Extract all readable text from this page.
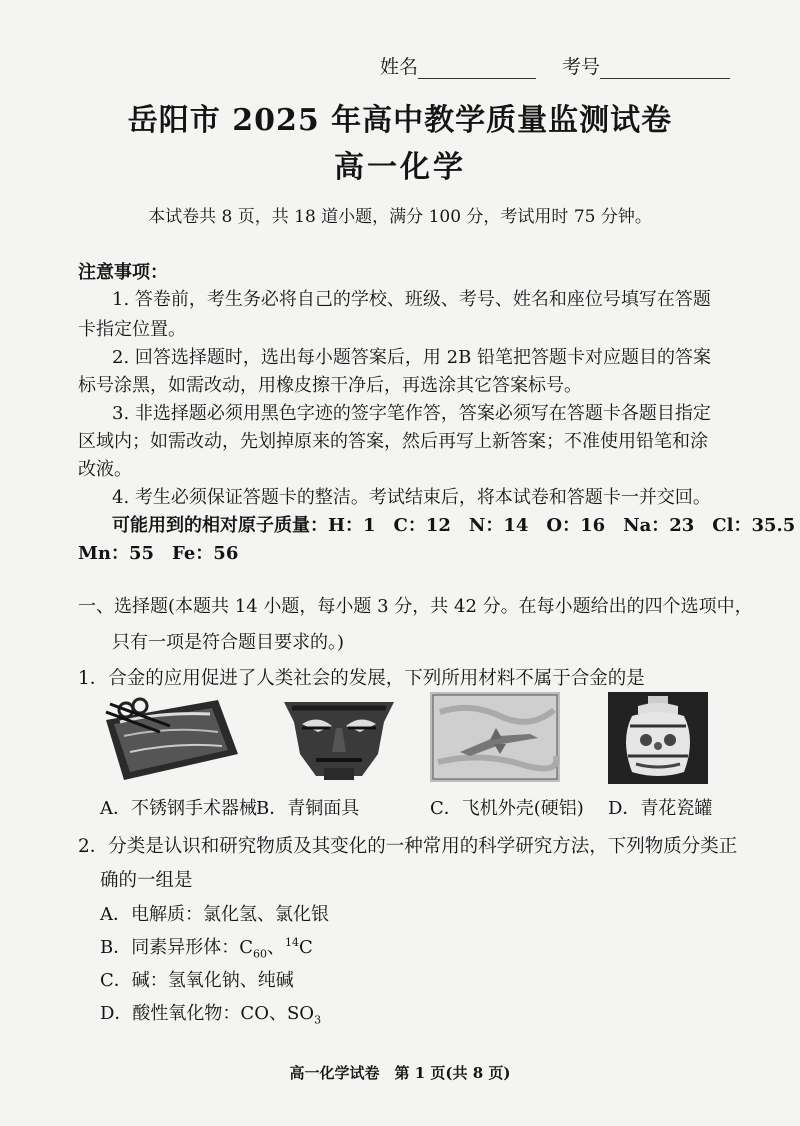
姓名	考号
岳阳市 2025 年高中教学质量监测试卷
高一化学
本试卷共 8 页，共 18 道小题，满分 100 分，考试用时 75 分钟。
注意事项：
1. 答卷前，考生务必将自己的学校、班级、考号、姓名和座位号填写在答题
卡指定位置。
2. 回答选择题时，选出每小题答案后，用 2B 铅笔把答题卡对应题目的答案
标号涂黑，如需改动，用橡皮擦干净后，再选涂其它答案标号。
3. 非选择题必须用黑色字迹的签字笔作答，答案必须写在答题卡各题目指定
区域内；如需改动，先划掉原来的答案，然后再写上新答案；不准使用铅笔和涂
改液。
4. 考生必须保证答题卡的整洁。考试结束后，将本试卷和答题卡一并交回。
可能用到的相对原子质量：H：1　C：12　N：14　O：16　Na：23　Cl：35.5
Mn：55　Fe：56
一、选择题(本题共 14 小题，每小题 3 分，共 42 分。在每小题给出的四个选项中，
只有一项是符合题目要求的。)
1．合金的应用促进了人类社会的发展，下列所用材料不属于合金的是
A．不锈钢手术器械 B．青铜面具	C．飞机外壳(硬铝) D．青花瓷罐
2．分类是认识和研究物质及其变化的一种常用的科学研究方法，下列物质分类正
确的一组是
A．电解质：氯化氢、氯化银
B．同素异形体：$C_{60}$、$^{14}$C
C．碱：氢氧化钠、纯碱
D．酸性氧化物：CO、$SO_3$
高一化学试卷　第 1 页(共 8 页)
